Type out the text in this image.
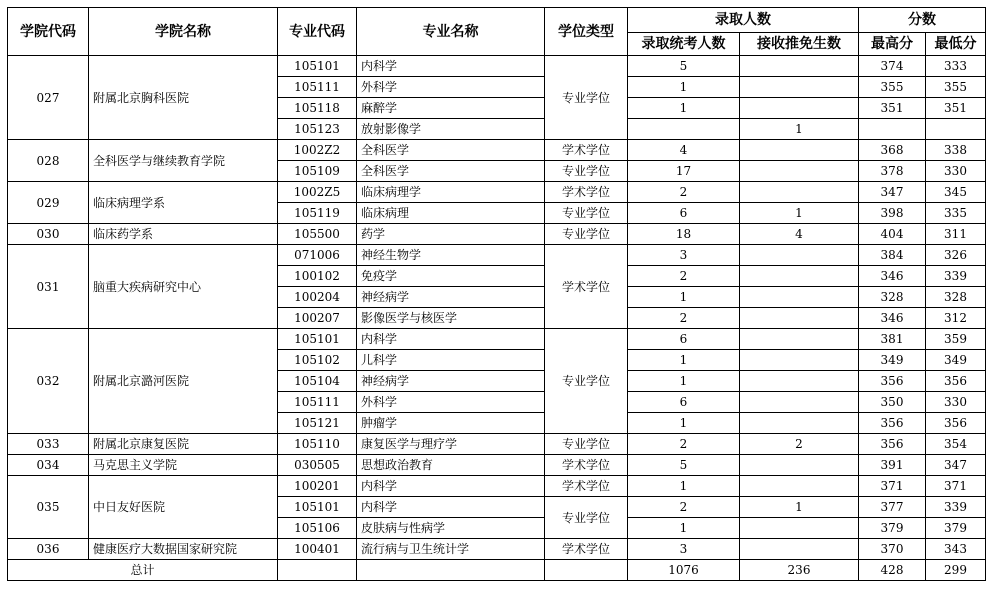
学院代码	学院名称	专业代码	专业名称	学位类型	录取人数		分数	
					录取统考人数	接收推免生数	最高分	最低分
027	附属北京胸科医院	105101	内科学	专业学位	5		374	333
		105111	外科学		1		355	355
		105118	麻醉学		1		351	351
		105123	放射影像学			1		
028	全科医学与继续教育学院	1002Z2	全科医学	学术学位	4		368	338
		105109	全科医学	专业学位	17		378	330
029	临床病理学系	1002Z5	临床病理学	学术学位	2		347	345
		105119	临床病理	专业学位	6	1	398	335
030	临床药学系	105500	药学	专业学位	18	4	404	311
031	脑重大疾病研究中心	071006	神经生物学	学术学位	3		384	326
		100102	免疫学		2		346	339
		100204	神经病学		1		328	328
		100207	影像医学与核医学		2		346	312
032	附属北京潞河医院	105101	内科学	专业学位	6		381	359
		105102	儿科学		1		349	349
		105104	神经病学		1		356	356
		105111	外科学		6		350	330
		105121	肿瘤学		1		356	356
033	附属北京康复医院	105110	康复医学与理疗学	专业学位	2	2	356	354
034	马克思主义学院	030505	思想政治教育	学术学位	5		391	347
035	中日友好医院	100201	内科学	学术学位	1		371	371
		105101	内科学	专业学位	2	1	377	339
		105106	皮肤病与性病学		1		379	379
036	健康医疗大数据国家研究院	100401	流行病与卫生统计学	学术学位	3		370	343
总计					1076	236	428	299
